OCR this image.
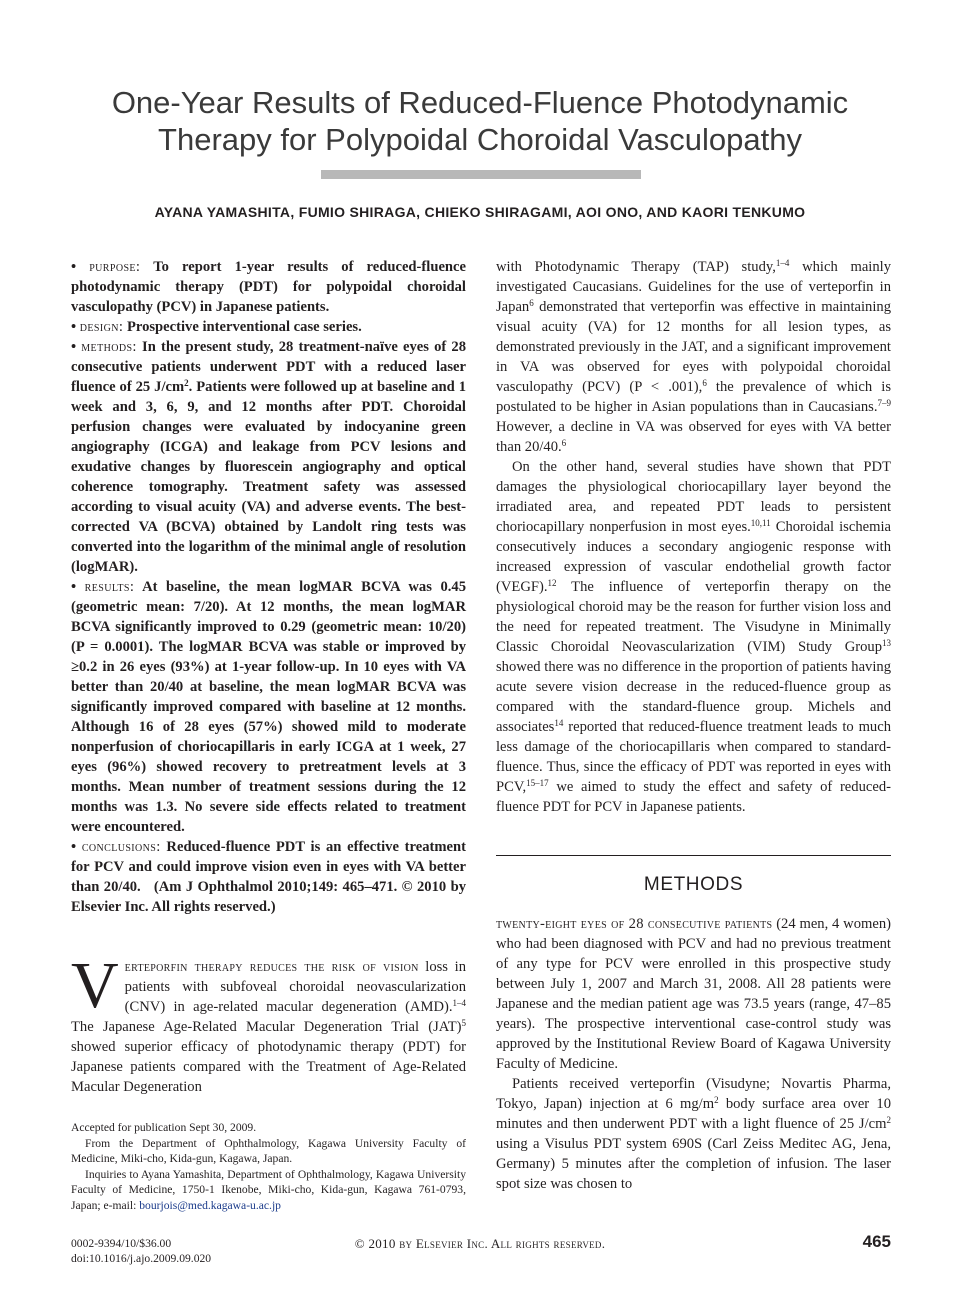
One-Year Results of Reduced-Fluence Photodynamic
Therapy for Polypoidal Choroidal Vasculopathy
AYANA YAMASHITA, FUMIO SHIRAGA, CHIEKO SHIRAGAMI, AOI ONO, AND KAORI TENKUMO

• purpose: To report 1-year results of reduced-fluence photodynamic therapy (PDT) for polypoidal choroidal vasculopathy (PCV) in Japanese patients.

• design: Prospective interventional case series.

• methods: In the present study, 28 treatment-naïve eyes of 28 consecutive patients underwent PDT with a reduced laser fluence of 25 $J/cm^2$. Patients were followed up at baseline and 1 week and 3, 6, 9, and 12 months after PDT. Choroidal perfusion changes were evaluated by indocyanine green angiography (ICGA) and leakage from PCV lesions and exudative changes by fluorescein angiography and optical coherence tomography. Treatment safety was assessed according to visual acuity (VA) and adverse events. The best-corrected VA (BCVA) obtained by Landolt ring tests was converted into the logarithm of the minimal angle of resolution (logMAR).

• results: At baseline, the mean logMAR BCVA was 0.45 (geometric mean: 7/20). At 12 months, the mean logMAR BCVA significantly improved to 0.29 (geometric mean: 10/20) (P = 0.0001). The logMAR BCVA was stable or improved by ≥0.2 in 26 eyes (93%) at 1-year follow-up. In 10 eyes with VA better than 20/40 at baseline, the mean logMAR BCVA was significantly improved compared with baseline at 12 months. Although 16 of 28 eyes (57%) showed mild to moderate nonperfusion of choriocapillaris in early ICGA at 1 week, 27 eyes (96%) showed recovery to pretreatment levels at 3 months. Mean number of treatment sessions during the 12 months was 1.3. No severe side effects related to treatment were encountered.

• conclusions: Reduced-fluence PDT is an effective treatment for PCV and could improve vision even in eyes with VA better than 20/40. (Am J Ophthalmol 2010;149: 465–471. © 2010 by Elsevier Inc. All rights reserved.)

Verteporfin therapy reduces the risk of vision loss in patients with subfoveal choroidal neovascularization (CNV) in age-related macular degeneration (AMD).$^{1-4}$ The Japanese Age-Related Macular Degeneration Trial (JAT)$^5$ showed superior efficacy of photodynamic therapy (PDT) for Japanese patients compared with the Treatment of Age-Related Macular Degeneration

Accepted for publication Sept 30, 2009.

From the Department of Ophthalmology, Kagawa University Faculty of Medicine, Miki-cho, Kida-gun, Kagawa, Japan.

Inquiries to Ayana Yamashita, Department of Ophthalmology, Kagawa University Faculty of Medicine, 1750-1 Ikenobe, Miki-cho, Kida-gun, Kagawa 761-0793, Japan; e-mail: bourjois@med.kagawa-u.ac.jp

with Photodynamic Therapy (TAP) study,$^{1-4}$ which mainly investigated Caucasians. Guidelines for the use of verteporfin in Japan$^6$ demonstrated that verteporfin was effective in maintaining visual acuity (VA) for 12 months for all lesion types, as demonstrated previously in the JAT, and a significant improvement in VA was observed for eyes with polypoidal choroidal vasculopathy (PCV) (P < .001),$^6$ the prevalence of which is postulated to be higher in Asian populations than in Caucasians.$^{7-9}$ However, a decline in VA was observed for eyes with VA better than 20/40.$^6$

On the other hand, several studies have shown that PDT damages the physiological choriocapillary layer beyond the irradiated area, and repeated PDT leads to persistent choriocapillary nonperfusion in most eyes.$^{10,11}$ Choroidal ischemia consecutively induces a secondary angiogenic response with increased expression of vascular endothelial growth factor (VEGF).$^{12}$ The influence of verteporfin therapy on the physiological choroid may be the reason for further vision loss and the need for repeated treatment. The Visudyne in Minimally Classic Choroidal Neovascularization (VIM) Study Group$^{13}$ showed there was no difference in the proportion of patients having acute severe vision decrease in the reduced-fluence group as compared with the standard-fluence group. Michels and associates$^{14}$ reported that reduced-fluence treatment leads to much less damage of the choriocapillaris when compared to standard-fluence. Thus, since the efficacy of PDT was reported in eyes with PCV,$^{15-17}$ we aimed to study the effect and safety of reduced-fluence PDT for PCV in Japanese patients.

METHODS

twenty-eight eyes of 28 consecutive patients (24 men, 4 women) who had been diagnosed with PCV and had no previous treatment of any type for PCV were enrolled in this prospective study between July 1, 2007 and March 31, 2008. All 28 patients were Japanese and the median patient age was 73.5 years (range, 47–85 years). The prospective interventional case-control study was approved by the Institutional Review Board of Kagawa University Faculty of Medicine.

Patients received verteporfin (Visudyne; Novartis Pharma, Tokyo, Japan) injection at 6 $mg/m^2$ body surface area over 10 minutes and then underwent PDT with a light fluence of 25 $J/cm^2$ using a Visulus PDT system 690S (Carl Zeiss Meditec AG, Jena, Germany) 5 minutes after the completion of infusion. The laser spot size was chosen to

0002-9394/10/$36.00
doi:10.1016/j.ajo.2009.09.020
© 2010 by Elsevier Inc. All rights reserved.	465
